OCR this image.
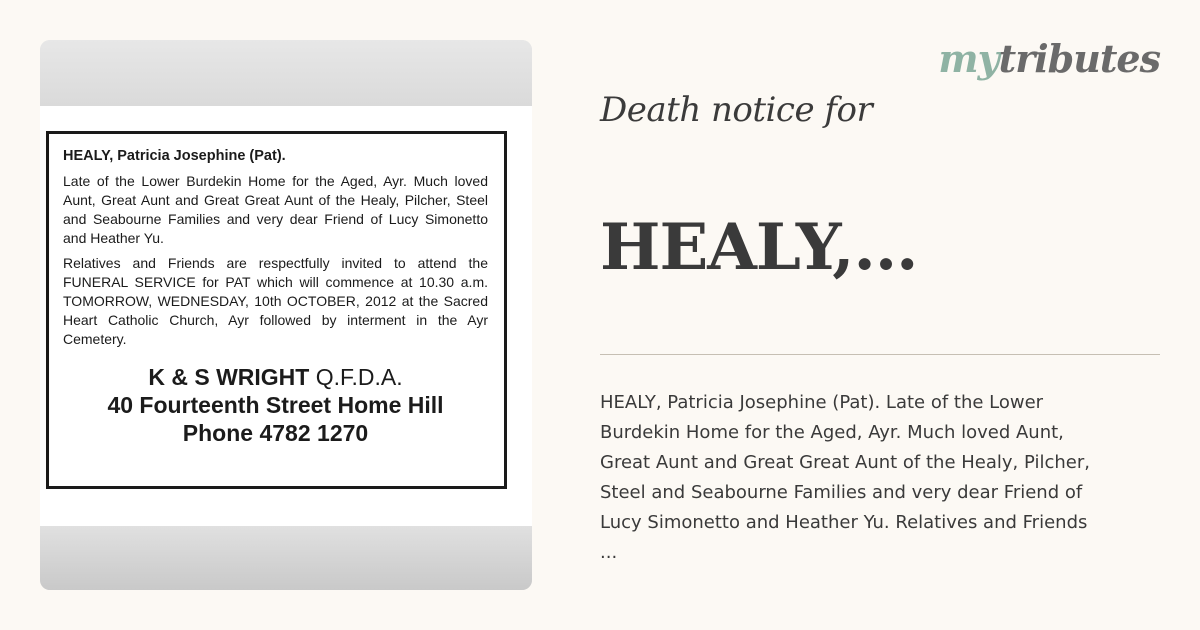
HEALY, Patricia Josephine (Pat).

Late of the Lower Burdekin Home for the Aged, Ayr. Much loved Aunt, Great Aunt and Great Great Aunt of the Healy, Pilcher, Steel and Seabourne Families and very dear Friend of Lucy Simonetto and Heather Yu.

Relatives and Friends are respectfully invited to attend the FUNERAL SERVICE for PAT which will commence at 10.30 a.m. TOMORROW, WEDNESDAY, 10th OCTOBER, 2012 at the Sacred Heart Catholic Church, Ayr followed by interment in the Ayr Cemetery.

K & S WRIGHT Q.F.D.A.
40 Fourteenth Street Home Hill
Phone 4782 1270
mytributes
Death notice for
HEALY,...
HEALY, Patricia Josephine (Pat). Late of the Lower
Burdekin Home for the Aged, Ayr. Much loved Aunt,
Great Aunt and Great Great Aunt of the Healy, Pilcher,
Steel and Seabourne Families and very dear Friend of
Lucy Simonetto and Heather Yu. Relatives and Friends
...
